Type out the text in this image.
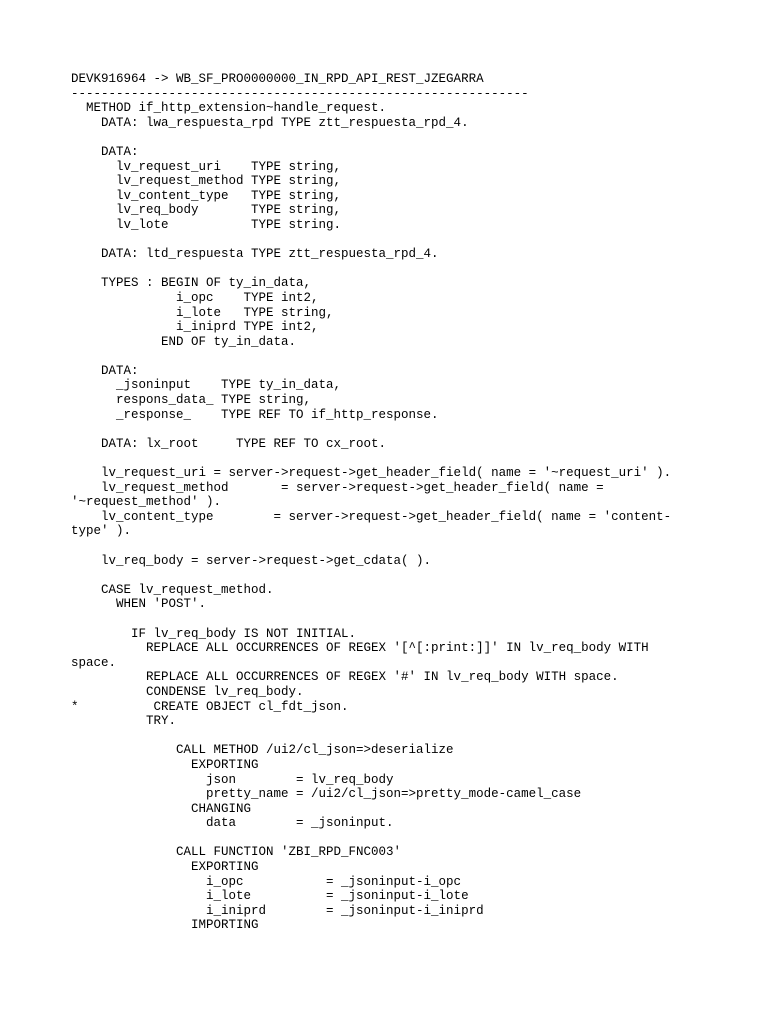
DEVK916964 -> WB_SF_PRO0000000_IN_RPD_API_REST_JZEGARRA
-------------------------------------------------------------
METHOD if_http_extension~handle_request.
DATA: lwa_respuesta_rpd TYPE ztt_respuesta_rpd_4.
DATA:
lv_request_uri    TYPE string,
lv_request_method TYPE string,
lv_content_type   TYPE string,
lv_req_body       TYPE string,
lv_lote           TYPE string.
DATA: ltd_respuesta TYPE ztt_respuesta_rpd_4.
TYPES : BEGIN OF ty_in_data,
i_opc    TYPE int2,
i_lote   TYPE string,
i_iniprd TYPE int2,
END OF ty_in_data.
DATA:
_jsoninput    TYPE ty_in_data,
respons_data_ TYPE string,
_response_    TYPE REF TO if_http_response.
DATA: lx_root     TYPE REF TO cx_root.
lv_request_uri = server->request->get_header_field( name = '~request_uri' ).
lv_request_method       = server->request->get_header_field( name =
'~request_method' ).
lv_content_type        = server->request->get_header_field( name = 'content-
type' ).
lv_req_body = server->request->get_cdata( ).
CASE lv_request_method.
WHEN 'POST'.
IF lv_req_body IS NOT INITIAL.
REPLACE ALL OCCURRENCES OF REGEX '[^[:print:]]' IN lv_req_body WITH
space.
REPLACE ALL OCCURRENCES OF REGEX '#' IN lv_req_body WITH space.
CONDENSE lv_req_body.
*          CREATE OBJECT cl_fdt_json.
TRY.
CALL METHOD /ui2/cl_json=>deserialize
EXPORTING
json        = lv_req_body
pretty_name = /ui2/cl_json=>pretty_mode-camel_case
CHANGING
data        = _jsoninput.
CALL FUNCTION 'ZBI_RPD_FNC003'
EXPORTING
i_opc           = _jsoninput-i_opc
i_lote          = _jsoninput-i_lote
i_iniprd        = _jsoninput-i_iniprd
IMPORTING
